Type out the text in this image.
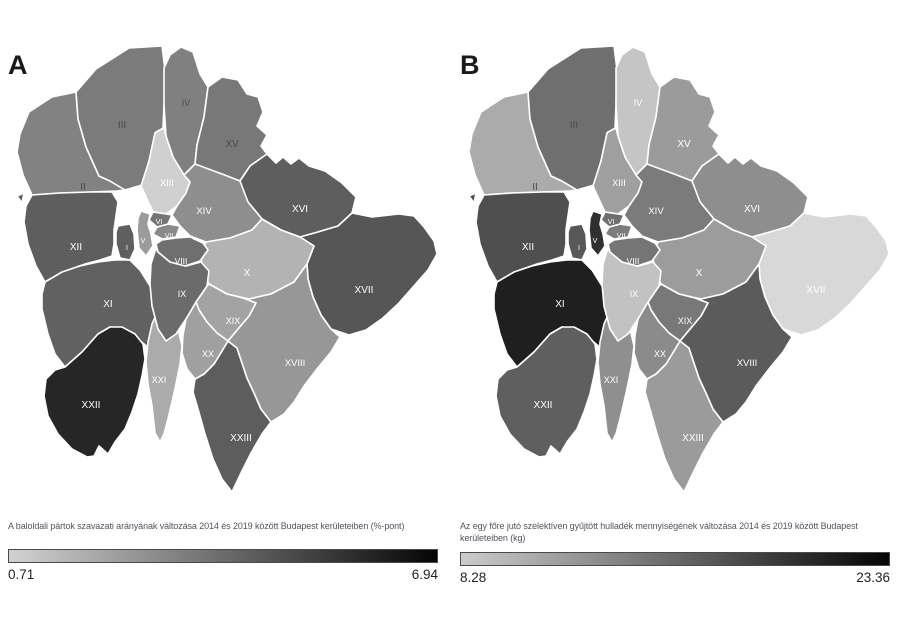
A	B
I
II
III
IV
V
VI
VII
VIII
IX
X
XI
XII
XIII
XIV
XV
XVI
XVII
XVIII
XIX
XX
XXI
XXII
XXIII
I
II
III
IV
V
VI
VII
VIII
IX
X
XI
XII
XIII
XIV
XV
XVI
XVII
XVIII
XIX
XX
XXI
XXII
XXIII
A baloldali pártok szavazati arányának változása 2014 és 2019 között Budapest kerületeiben (%-pont)	Az egy főre jutó szelektíven gyűjtött hulladék mennyiségének változása 2014 és 2019 között Budapest kerületeiben (kg)
0.71	6.94 8.28	23.36
